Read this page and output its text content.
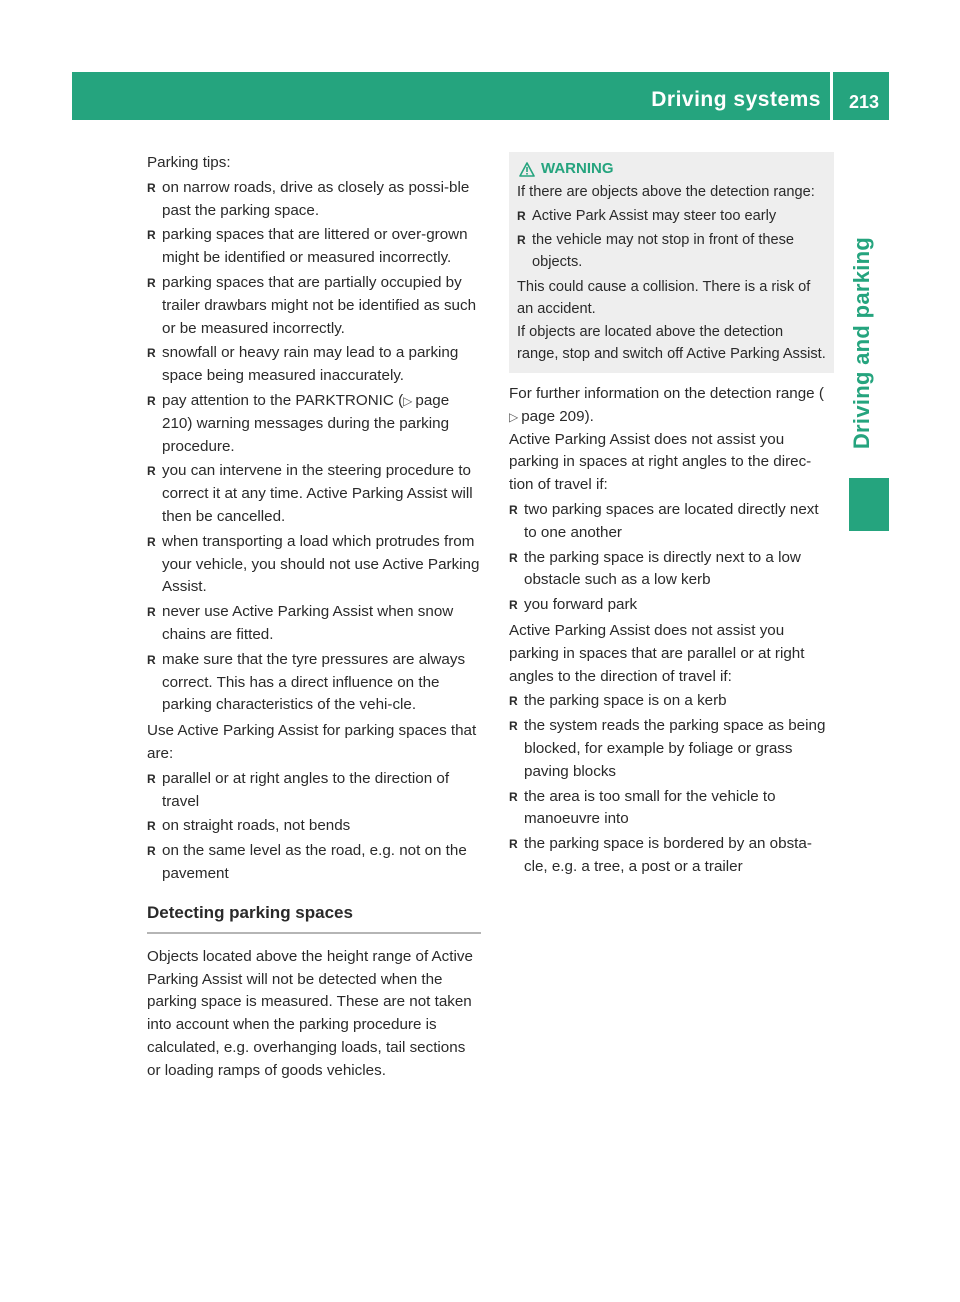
Driving systems 213
Driving and parking

Parking tips:

R on narrow roads, drive as closely as possi-ble past the parking space.
R parking spaces that are littered or over-grown might be identified or measured incorrectly.
R parking spaces that are partially occupied by trailer drawbars might not be identified as such or be measured incorrectly.
R snowfall or heavy rain may lead to a parking space being measured inaccurately.
R pay attention to the PARKTRONIC (▷ page 210) warning messages during the parking procedure.
R you can intervene in the steering procedure to correct it at any time. Active Parking Assist will then be cancelled.
R when transporting a load which protrudes from your vehicle, you should not use Active Parking Assist.
R never use Active Parking Assist when snow chains are fitted.
R make sure that the tyre pressures are always correct. This has a direct influence on the parking characteristics of the vehi-cle.

Use Active Parking Assist for parking spaces that are:

R parallel or at right angles to the direction of travel
R on straight roads, not bends
R on the same level as the road, e.g. not on the pavement
Detecting parking spaces

Objects located above the height range of Active Parking Assist will not be detected when the parking space is measured. These are not taken into account when the parking procedure is calculated, e.g. overhanging loads, tail sections or loading ramps of goods vehicles.

WARNING

If there are objects above the detection range:

R Active Park Assist may steer too early
R the vehicle may not stop in front of these objects.

This could cause a collision. There is a risk of an accident.

If objects are located above the detection range, stop and switch off Active Parking Assist.

For further information on the detection range (▷ page 209).

Active Parking Assist does not assist you parking in spaces at right angles to the direc-tion of travel if:

R two parking spaces are located directly next to one another
R the parking space is directly next to a low obstacle such as a low kerb
R you forward park

Active Parking Assist does not assist you parking in spaces that are parallel or at right angles to the direction of travel if:

R the parking space is on a kerb
R the system reads the parking space as being blocked, for example by foliage or grass paving blocks
R the area is too small for the vehicle to manoeuvre into
R the parking space is bordered by an obsta-cle, e.g. a tree, a post or a trailer
